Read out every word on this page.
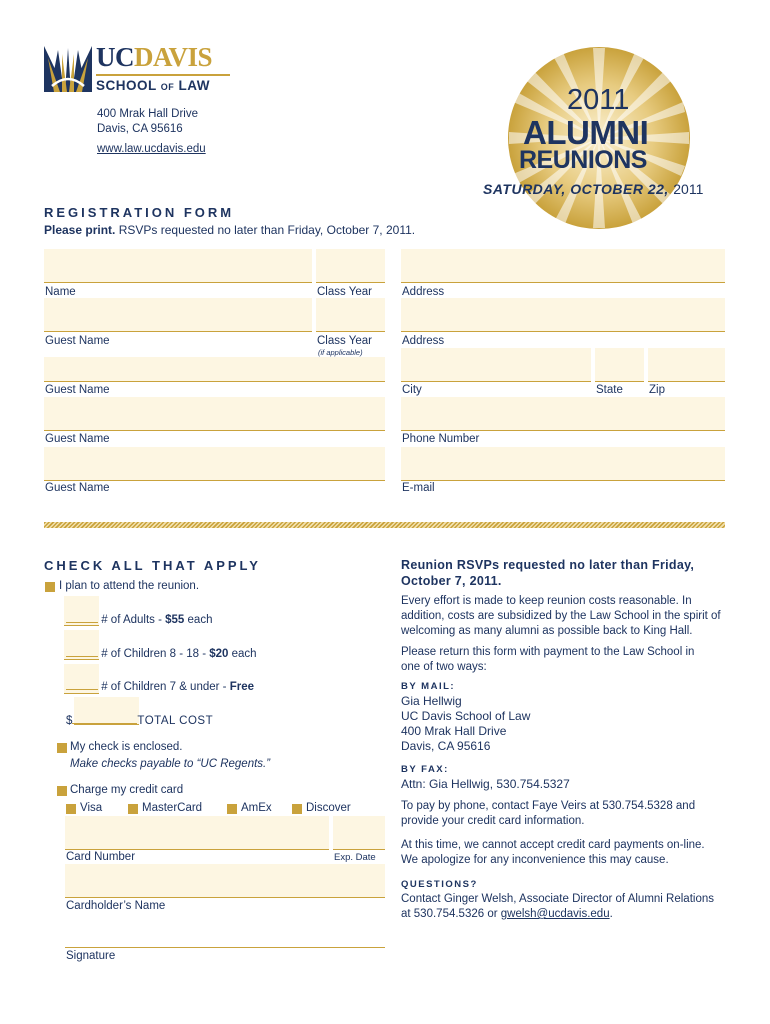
UCDAVIS
SCHOOL OF LAW
400 Mrak Hall Drive
Davis, CA 95616
www.law.ucdavis.edu
2011
ALUMNI
REUNIONS
SATURDAY, OCTOBER 22, 2011
REGISTRATION FORM
Please print. RSVPs requested no later than Friday, October 7, 2011.
Name	Class Year
Guest Name	Class Year
(if applicable)
Guest Name
Guest Name
Guest Name
Address
Address
City	State Zip
Phone Number
E-mail
CHECK ALL THAT APPLY
I plan to attend the reunion.
# of Adults - $55 each
# of Children 8 - 18 - $20 each
# of Children 7 & under - Free
$	TOTAL COST
My check is enclosed.
Make checks payable to “UC Regents.”
Charge my credit card
Visa	MasterCard	AmEx	Discover
Card Number	Exp. Date
Cardholder’s Name
Signature
Reunion RSVPs requested no later than Friday, October 7, 2011.
Every effort is made to keep reunion costs reasonable. In addition, costs are subsidized by the Law School in the spirit of welcoming as many alumni as possible back to King Hall.
Please return this form with payment to the Law School in one of two ways:
BY MAIL:
Gia Hellwig
UC Davis School of Law
400 Mrak Hall Drive
Davis, CA 95616
BY FAX:
Attn: Gia Hellwig, 530.754.5327
To pay by phone, contact Faye Veirs at 530.754.5328 and provide your credit card information.
At this time, we cannot accept credit card payments on-line. We apologize for any inconvenience this may cause.
QUESTIONS?
Contact Ginger Welsh, Associate Director of Alumni Relations at 530.754.5326 or gwelsh@ucdavis.edu.
